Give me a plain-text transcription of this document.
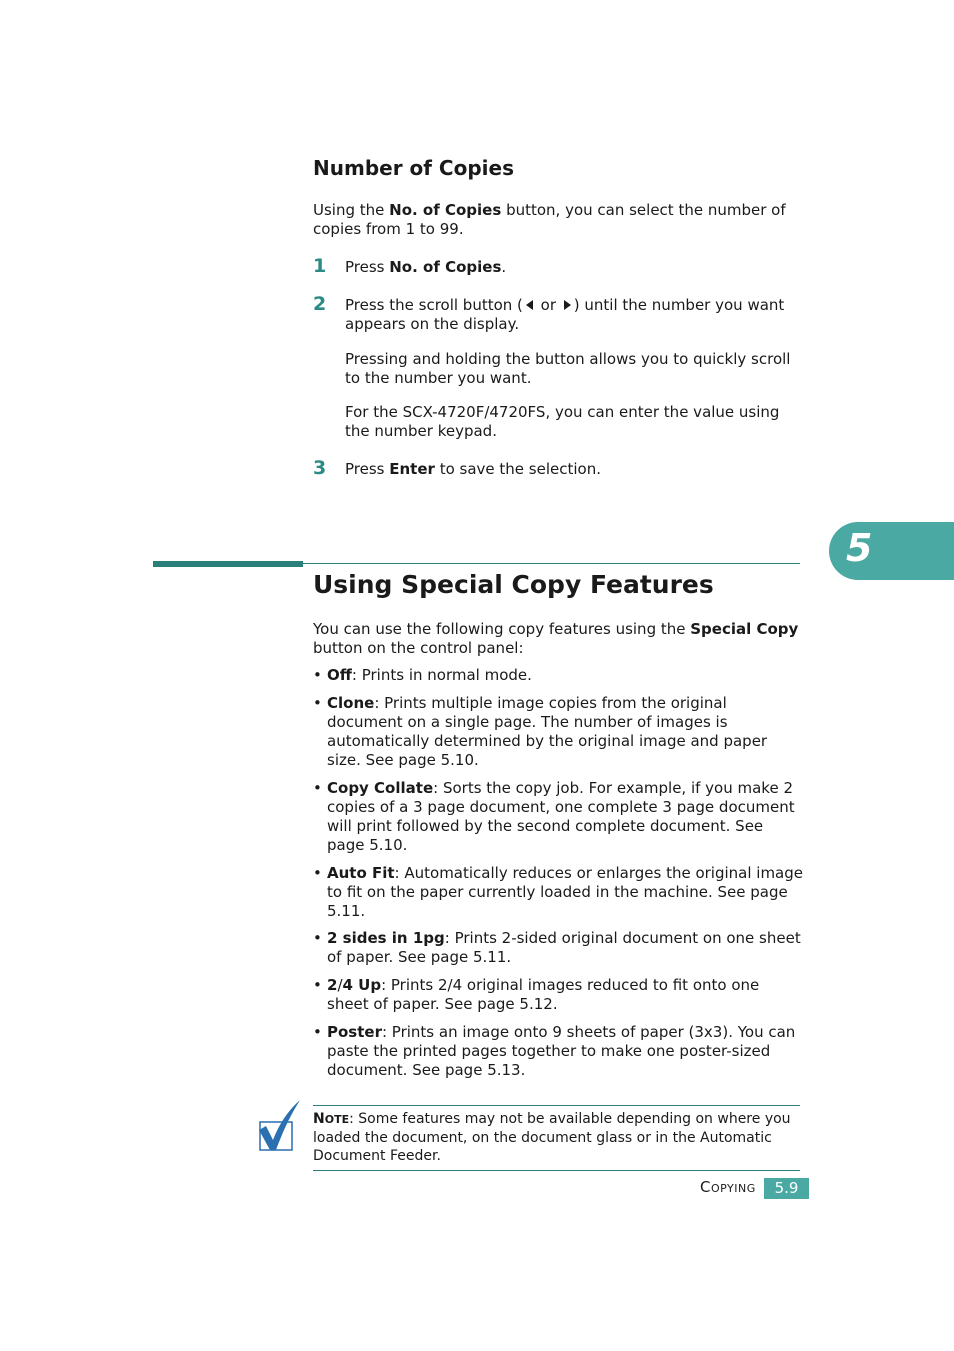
Number of Copies

Using the No. of Copies button, you can select the number of copies from 1 to 99.

1 Press No. of Copies.

2 Press the scroll button ( or ) until the number you want appears on the display.

Pressing and holding the button allows you to quickly scroll to the number you want.

For the SCX-4720F/4720FS, you can enter the value using the number keypad.

3 Press Enter to save the selection.

5
Using Special Copy Features

You can use the following copy features using the Special Copy button on the control panel:

• Off: Prints in normal mode.
• Clone: Prints multiple image copies from the original document on a single page. The number of images is automatically determined by the original image and paper size. See page 5.10.
• Copy Collate: Sorts the copy job. For example, if you make 2 copies of a 3 page document, one complete 3 page document will print followed by the second complete document. See page 5.10.
• Auto Fit: Automatically reduces or enlarges the original image to fit on the paper currently loaded in the machine. See page 5.11.
• 2 sides in 1pg: Prints 2-sided original document on one sheet of paper. See page 5.11.
• 2/4 Up: Prints 2/4 original images reduced to fit onto one sheet of paper. See page 5.12.
• Poster: Prints an image onto 9 sheets of paper (3x3). You can paste the printed pages together to make one poster-sized document. See page 5.13.
NOTE: Some features may not be available depending on where you loaded the document, on the document glass or in the Automatic Document Feeder.
COPYING	5.9
